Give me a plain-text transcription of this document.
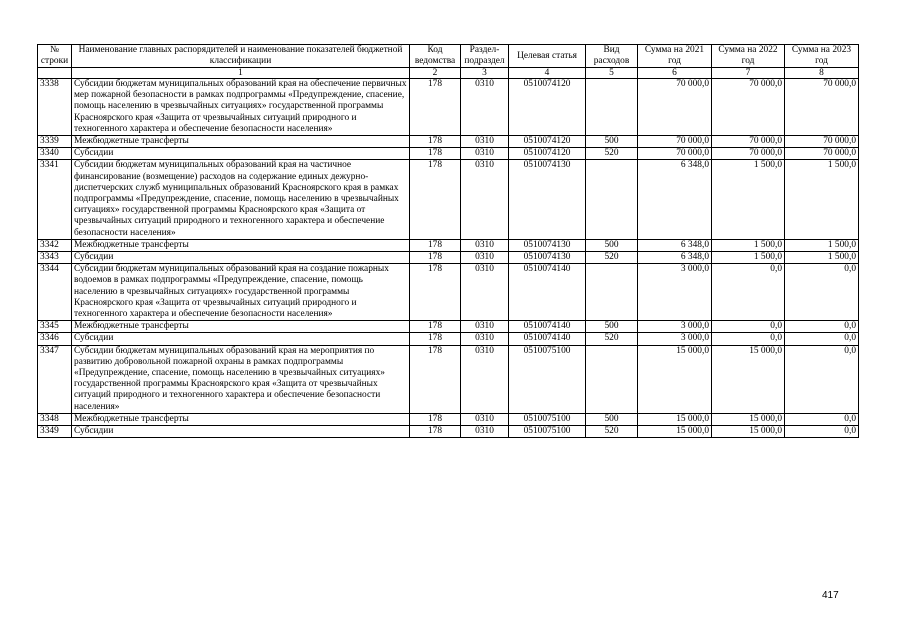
№ строки	Наименование главных распорядителей и наименование показателей бюджетной классификации	Код ведомства	Раздел-подраздел	Целевая статья	Вид расходов	Сумма на 2021 год	Сумма на 2022 год	Сумма на 2023 год
	1	2	3	4	5	6	7	8
3338	Субсидии бюджетам муниципальных образований края на обеспечение первичных мер пожарной безопасности в рамках подпрограммы «Предупреждение, спасение, помощь населению в чрезвычайных ситуациях» государственной программы Красноярского края «Защита от чрезвычайных ситуаций природного и техногенного характера и обеспечение безопасности населения»	178	0310	0510074120		70 000,0	70 000,0	70 000,0
3339	Межбюджетные трансферты	178	0310	0510074120	500	70 000,0	70 000,0	70 000,0
3340	Субсидии	178	0310	0510074120	520	70 000,0	70 000,0	70 000,0
3341	Субсидии бюджетам муниципальных образований края на частичное финансирование (возмещение) расходов на содержание единых дежурно-диспетчерских служб муниципальных образований Красноярского края в рамках подпрограммы «Предупреждение, спасение, помощь населению в чрезвычайных ситуациях» государственной программы Красноярского края «Защита от чрезвычайных ситуаций природного и техногенного характера и обеспечение безопасности населения»	178	0310	0510074130		6 348,0	1 500,0	1 500,0
3342	Межбюджетные трансферты	178	0310	0510074130	500	6 348,0	1 500,0	1 500,0
3343	Субсидии	178	0310	0510074130	520	6 348,0	1 500,0	1 500,0
3344	Субсидии бюджетам муниципальных образований края на создание пожарных водоемов в рамках подпрограммы «Предупреждение, спасение, помощь населению в чрезвычайных ситуациях» государственной программы Красноярского края «Защита от чрезвычайных ситуаций природного и техногенного характера и обеспечение безопасности населения»	178	0310	0510074140		3 000,0	0,0	0,0
3345	Межбюджетные трансферты	178	0310	0510074140	500	3 000,0	0,0	0,0
3346	Субсидии	178	0310	0510074140	520	3 000,0	0,0	0,0
3347	Субсидии бюджетам муниципальных образований края на мероприятия по развитию добровольной пожарной охраны в рамках подпрограммы «Предупреждение, спасение, помощь населению в чрезвычайных ситуациях» государственной программы Красноярского края «Защита от чрезвычайных ситуаций природного и техногенного характера и обеспечение безопасности населения»	178	0310	0510075100		15 000,0	15 000,0	0,0
3348	Межбюджетные трансферты	178	0310	0510075100	500	15 000,0	15 000,0	0,0
3349	Субсидии	178	0310	0510075100	520	15 000,0	15 000,0	0,0
417
